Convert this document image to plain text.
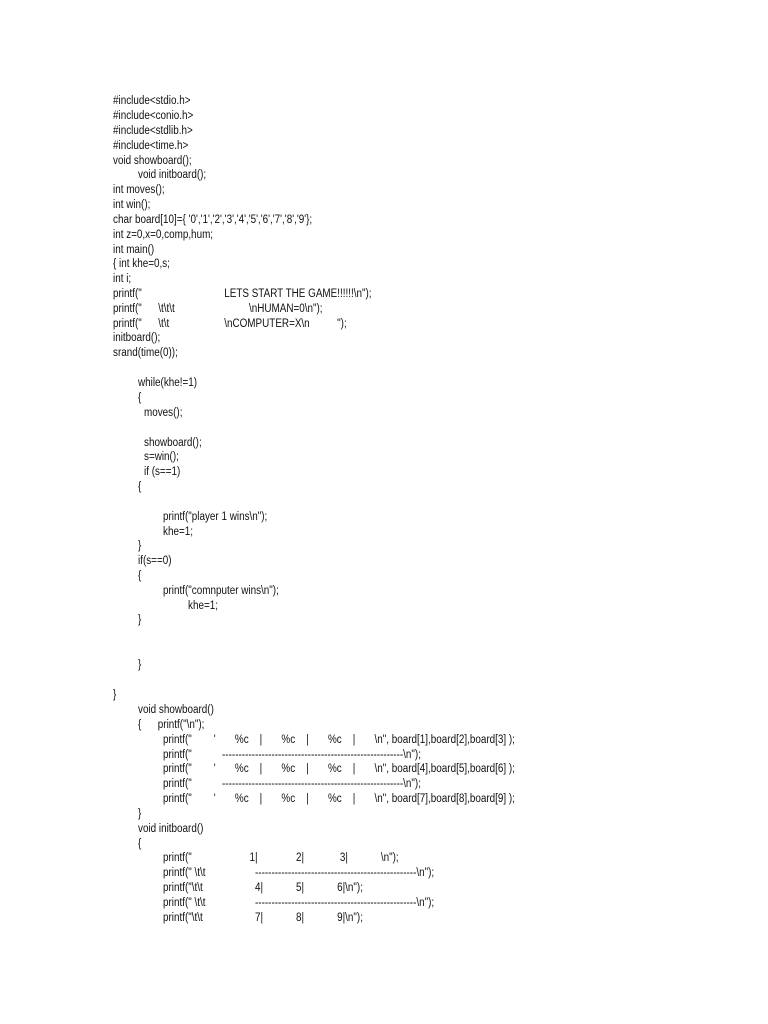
#include<stdio.h>
#include<conio.h>
#include<stdlib.h>
#include<time.h>
void showboard();
void initboard();
int moves();
int win();
char board[10]={ '0','1','2','3','4','5','6','7','8','9'};
int z=0,x=0,comp,hum;
int main()
{ int khe=0,s;
int i;
printf("                              LETS START THE GAME!!!!!!\n");
printf("      \t\t\t                           \nHUMAN=0\n");
printf("      \t\t                    \nCOMPUTER=X\n          ");
initboard();
srand(time(0));
while(khe!=1)
{
moves();
showboard();
s=win();
if (s==1)
{
printf("player 1 wins\n");
khe=1;
}
if(s==0)
{
printf("comnputer wins\n");
khe=1;
}
}
}
void showboard()
{      printf("\n");
printf("        '       %c    |       %c    |       %c    |       \n", board[1],board[2],board[3] );
printf("           -------------------------------------------------------\n");
printf("        '       %c    |       %c    |       %c    |       \n", board[4],board[5],board[6] );
printf("           -------------------------------------------------------\n");
printf("        '       %c    |       %c    |       %c    |       \n", board[7],board[8],board[9] );
}
void initboard()
{
printf("                     1|              2|             3|            \n");
printf(" \t\t                  -------------------------------------------------\n");
printf("\t\t                   4|            5|            6|\n");
printf(" \t\t                  -------------------------------------------------\n");
printf("\t\t                   7|            8|            9|\n");
